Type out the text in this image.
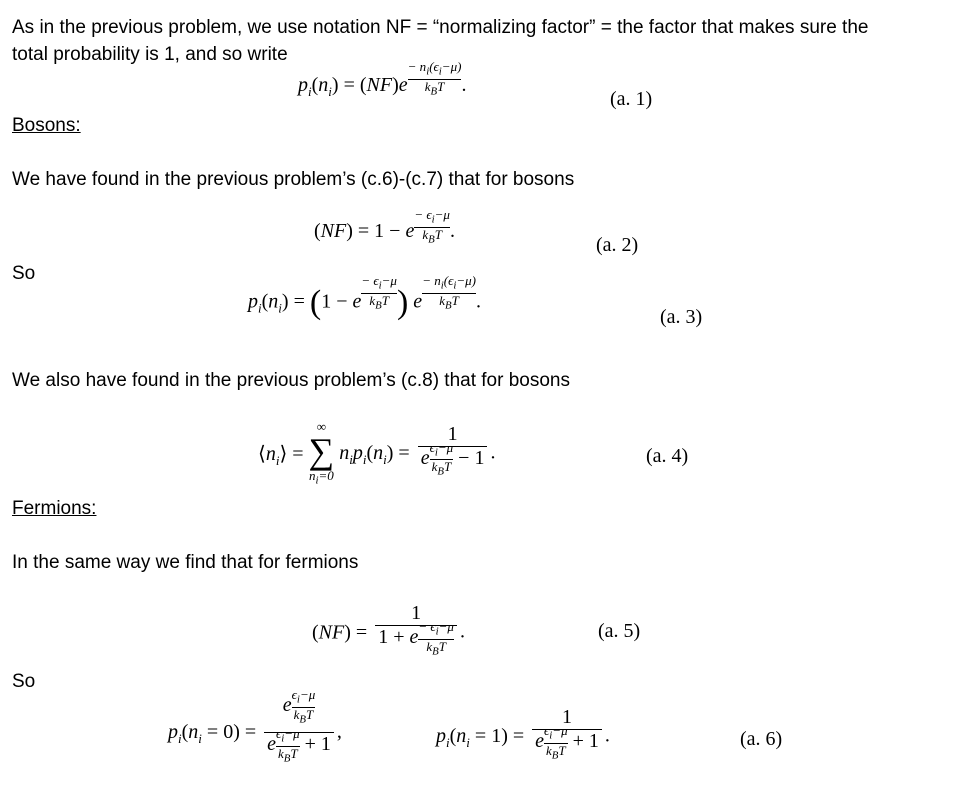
As in the previous problem, we use notation NF = “normalizing factor” = the factor that makes sure the
total probability is 1, and so write
$p_i(n_i) = (NF)e$
− $n_i(\epsilon_i-\mu)$
$k_BT$ .
(a. 1)
Bosons:
We have found in the previous problem’s (c.6)-(c.7) that for bosons
(NF) = 1 − e
− $\epsilon_i-\mu$
$k_BT$ .
(a. 2)
So
$p_i(n_i) = (1 - e$
− $\epsilon_i-\mu$
$k_BT$ ) e
− $n_i(\epsilon_i-\mu)$
$k_BT$ .
(a. 3)
We also have found in the previous problem’s (c.8) that for bosons
$⟨n_i⟩$ =
∞
∑
$n_i=0$
$n_ip_i(n_i) = 1$
e $\epsilon_i-\mu$
$k_BT - 1$ .	(a. 4)
Fermions:
In the same way we find that for fermions
(NF) = 1
$1 + e - \epsilon_i-\mu$
$k_BT$ .	(a. 5)
So
$p_i(n_i = 0) = e$ $\epsilon_i-\mu$
$k_BT$
e $\epsilon_i-\mu$
$k_BT + 1$ ,	$p_i(n_i = 1) = 1$
e $\epsilon_i-\mu$
$k_BT + 1$ .	(a. 6)
